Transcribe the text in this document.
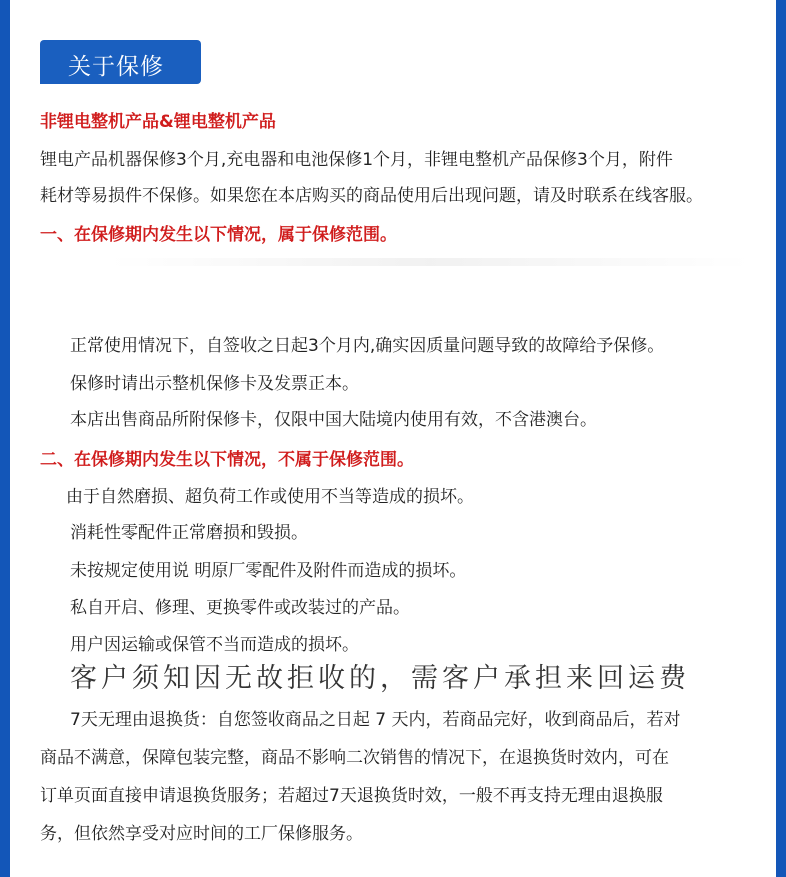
关于保修
非锂电整机产品&锂电整机产品
锂电产品机器保修3个月,充电器和电池保修1个月，非锂电整机产品保修3个月，附件
耗材等易损件不保修。如果您在本店购买的商品使用后出现问题，请及时联系在线客服。
一、在保修期内发生以下情况，属于保修范围。
正常使用情况下，自签收之日起3个月内,确实因质量问题导致的故障给予保修。
保修时请出示整机保修卡及发票正本。
本店出售商品所附保修卡，仅限中国大陆境内使用有效，不含港澳台。
二、在保修期内发生以下情况，不属于保修范围。
由于自然磨损、超负荷工作或使用不当等造成的损坏。
消耗性零配件正常磨损和毁损。
未按规定使用说 明原厂零配件及附件而造成的损坏。
私自开启、修理、更换零件或改装过的产品。
用户因运输或保管不当而造成的损坏。
客户须知因无故拒收的，需客户承担来回运费
7天无理由退换货：自您签收商品之日起 7 天内，若商品完好，收到商品后，若对
商品不满意，保障包装完整，商品不影响二次销售的情况下，在退换货时效内，可在
订单页面直接申请退换货服务；若超过7天退换货时效，一般不再支持无理由退换服
务，但依然享受对应时间的工厂保修服务。
